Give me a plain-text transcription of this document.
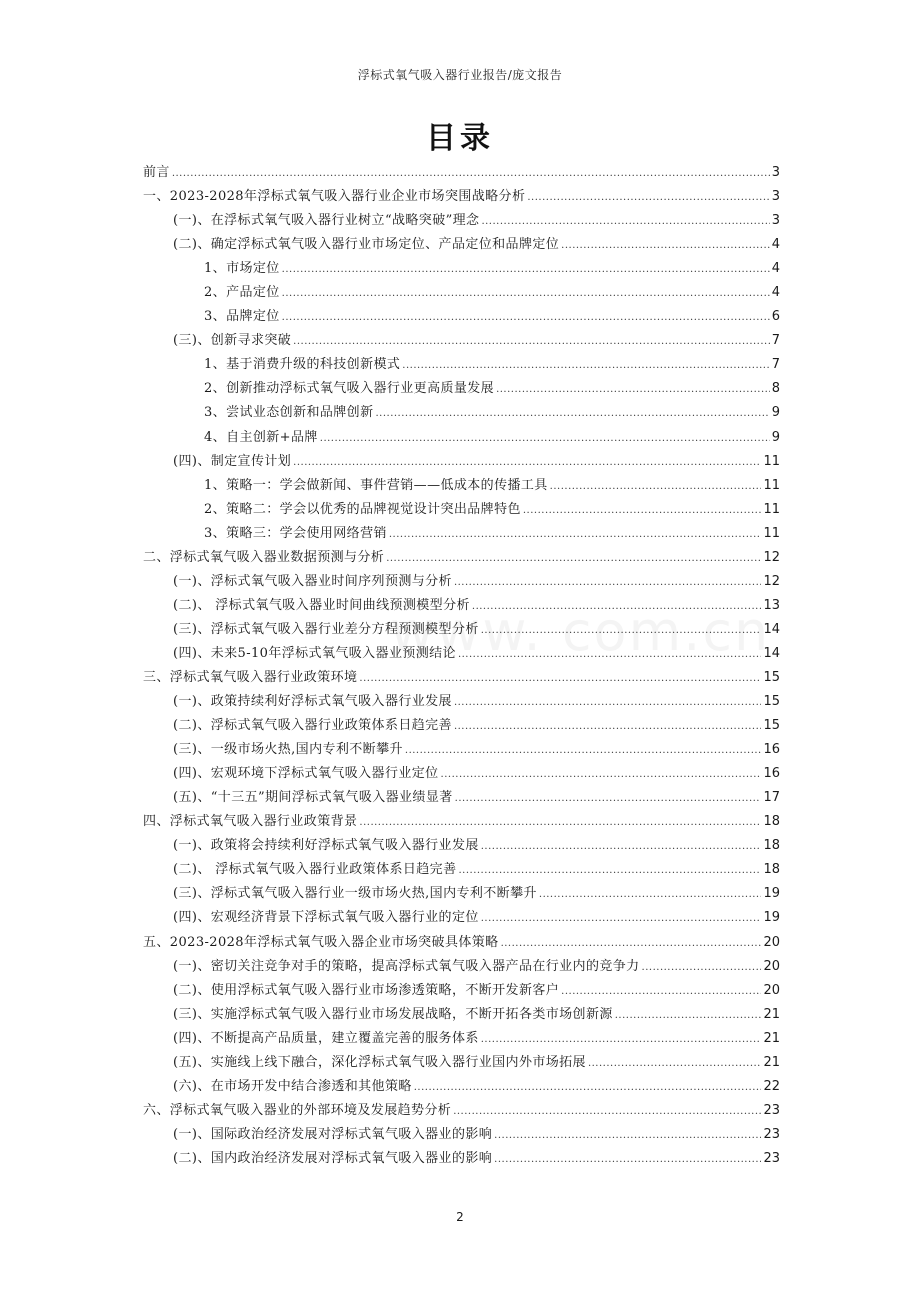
浮标式氧气吸入器行业报告/庞文报告
目录
前言 .....	3
一、2023-2028年浮标式氧气吸入器行业企业市场突围战略分析 .....	3
(一)、在浮标式氧气吸入器行业树立“战略突破”理念 .....	3
(二)、确定浮标式氧气吸入器行业市场定位、产品定位和品牌定位 .....	4
1、市场定位 .....	4
2、产品定位 .....	4
3、品牌定位 .....	6
(三)、创新寻求突破 .....	7
1、基于消费升级的科技创新模式 .....	7
2、创新推动浮标式氧气吸入器行业更高质量发展 .....	8
3、尝试业态创新和品牌创新 .....	9
4、自主创新+品牌 .....	9
(四)、制定宣传计划 .....	11
1、策略一：学会做新闻、事件营销——低成本的传播工具 .....	11
2、策略二：学会以优秀的品牌视觉设计突出品牌特色 .....	11
3、策略三：学会使用网络营销 .....	11
二、浮标式氧气吸入器业数据预测与分析 .....	12
(一)、浮标式氧气吸入器业时间序列预测与分析 .....	12
(二)、 浮标式氧气吸入器业时间曲线预测模型分析 .....	13
(三)、浮标式氧气吸入器行业差分方程预测模型分析 .....	14
(四)、未来5-10年浮标式氧气吸入器业预测结论 .....	14
三、浮标式氧气吸入器行业政策环境 .....	15
(一)、政策持续利好浮标式氧气吸入器行业发展 .....	15
(二)、浮标式氧气吸入器行业政策体系日趋完善 .....	15
(三)、一级市场火热,国内专利不断攀升 .....	16
(四)、宏观环境下浮标式氧气吸入器行业定位 .....	16
(五)、“十三五”期间浮标式氧气吸入器业绩显著 .....	17
四、浮标式氧气吸入器行业政策背景 .....	18
(一)、政策将会持续利好浮标式氧气吸入器行业发展 .....	18
(二)、 浮标式氧气吸入器行业政策体系日趋完善 .....	18
(三)、浮标式氧气吸入器行业一级市场火热,国内专利不断攀升 .....	19
(四)、宏观经济背景下浮标式氧气吸入器行业的定位 .....	19
五、2023-2028年浮标式氧气吸入器企业市场突破具体策略 .....	20
(一)、密切关注竞争对手的策略，提高浮标式氧气吸入器产品在行业内的竞争力 .....	20
(二)、使用浮标式氧气吸入器行业市场渗透策略，不断开发新客户 .....	20
(三)、实施浮标式氧气吸入器行业市场发展战略，不断开拓各类市场创新源 .....	21
(四)、不断提高产品质量，建立覆盖完善的服务体系 .....	21
(五)、实施线上线下融合，深化浮标式氧气吸入器行业国内外市场拓展 .....	21
(六)、在市场开发中结合渗透和其他策略 .....	22
六、浮标式氧气吸入器业的外部环境及发展趋势分析 .....	23
(一)、国际政治经济发展对浮标式氧气吸入器业的影响 .....	23
(二)、国内政治经济发展对浮标式氧气吸入器业的影响 .....	23
2
